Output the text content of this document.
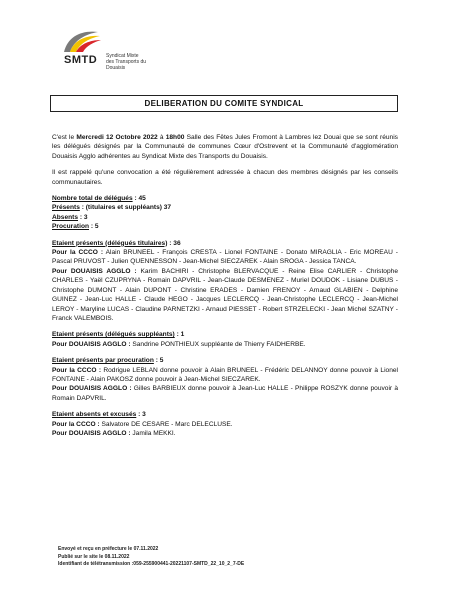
SMTD Syndicat Mixte
des Transports du Douaisis
DELIBERATION DU COMITE SYNDICAL

C'est le Mercredi 12 Octobre 2022 à 18h00 Salle des Fêtes Jules Fromont à Lambres lez Douai que se sont réunis les délégués désignés par la Communauté de communes Cœur d'Ostrevent et la Communauté d'agglomération Douaisis Agglo adhérentes au Syndicat Mixte des Transports du Douaisis.

Il est rappelé qu'une convocation a été régulièrement adressée à chacun des membres désignés par les conseils communautaires.

Nombre total de délégués : 45

Présents : (titulaires et suppléants) 37

Absents : 3

Procuration : 5

Etaient présents (délégués titulaires) : 36

Pour la CCCO : Alain BRUNEEL - François CRESTA - Lionel FONTAINE - Donato MIRAGLIA - Eric MOREAU - Pascal PRUVOST - Julien QUENNESSON - Jean-Michel SIECZAREK - Alain SROGA - Jessica TANCA.

Pour DOUAISIS AGGLO : Karim BACHIRI - Christophe BLERVACQUE - Reine Elise CARLIER - Christophe CHARLES - Yaël CZUPRYNA - Romain DAPVRIL - Jean-Claude DESMENEZ - Muriel DOUDOK - Lisiane DUBUS - Christophe DUMONT - Alain DUPONT - Christine ERADES - Damien FRENOY - Arnaud GLABIEN - Delphine GUINEZ - Jean-Luc HALLE - Claude HEGO - Jacques LECLERCQ - Jean-Christophe LECLERCQ - Jean-Michel LEROY - Maryline LUCAS - Claudine PARNETZKI - Arnaud PIESSET - Robert STRZELECKI - Jean Michel SZATNY - Franck VALEMBOIS.

Etaient présents (délégués suppléants) : 1

Pour DOUAISIS AGGLO : Sandrine PONTHIEUX suppléante de Thierry FAIDHERBE.

Etaient présents par procuration : 5

Pour la CCCO : Rodrigue LEBLAN donne pouvoir à Alain BRUNEEL - Frédéric DELANNOY donne pouvoir à Lionel FONTAINE - Alain PAKOSZ donne pouvoir à Jean-Michel SIECZAREK.

Pour DOUAISIS AGGLO : Gilles BARBIEUX donne pouvoir à Jean-Luc HALLE - Philippe ROSZYK donne pouvoir à Romain DAPVRIL.

Etaient absents et excusés : 3

Pour la CCCO : Salvatore DE CESARE - Marc DELECLUSE.

Pour DOUAISIS AGGLO : Jamila MEKKI.

Envoyé et reçu en préfecture le 07.11.2022
Publié sur le site le 08.11.2022
Identifiant de télétransmission :059-255900441-20221107-SMTD_22_10_2_7-DE
